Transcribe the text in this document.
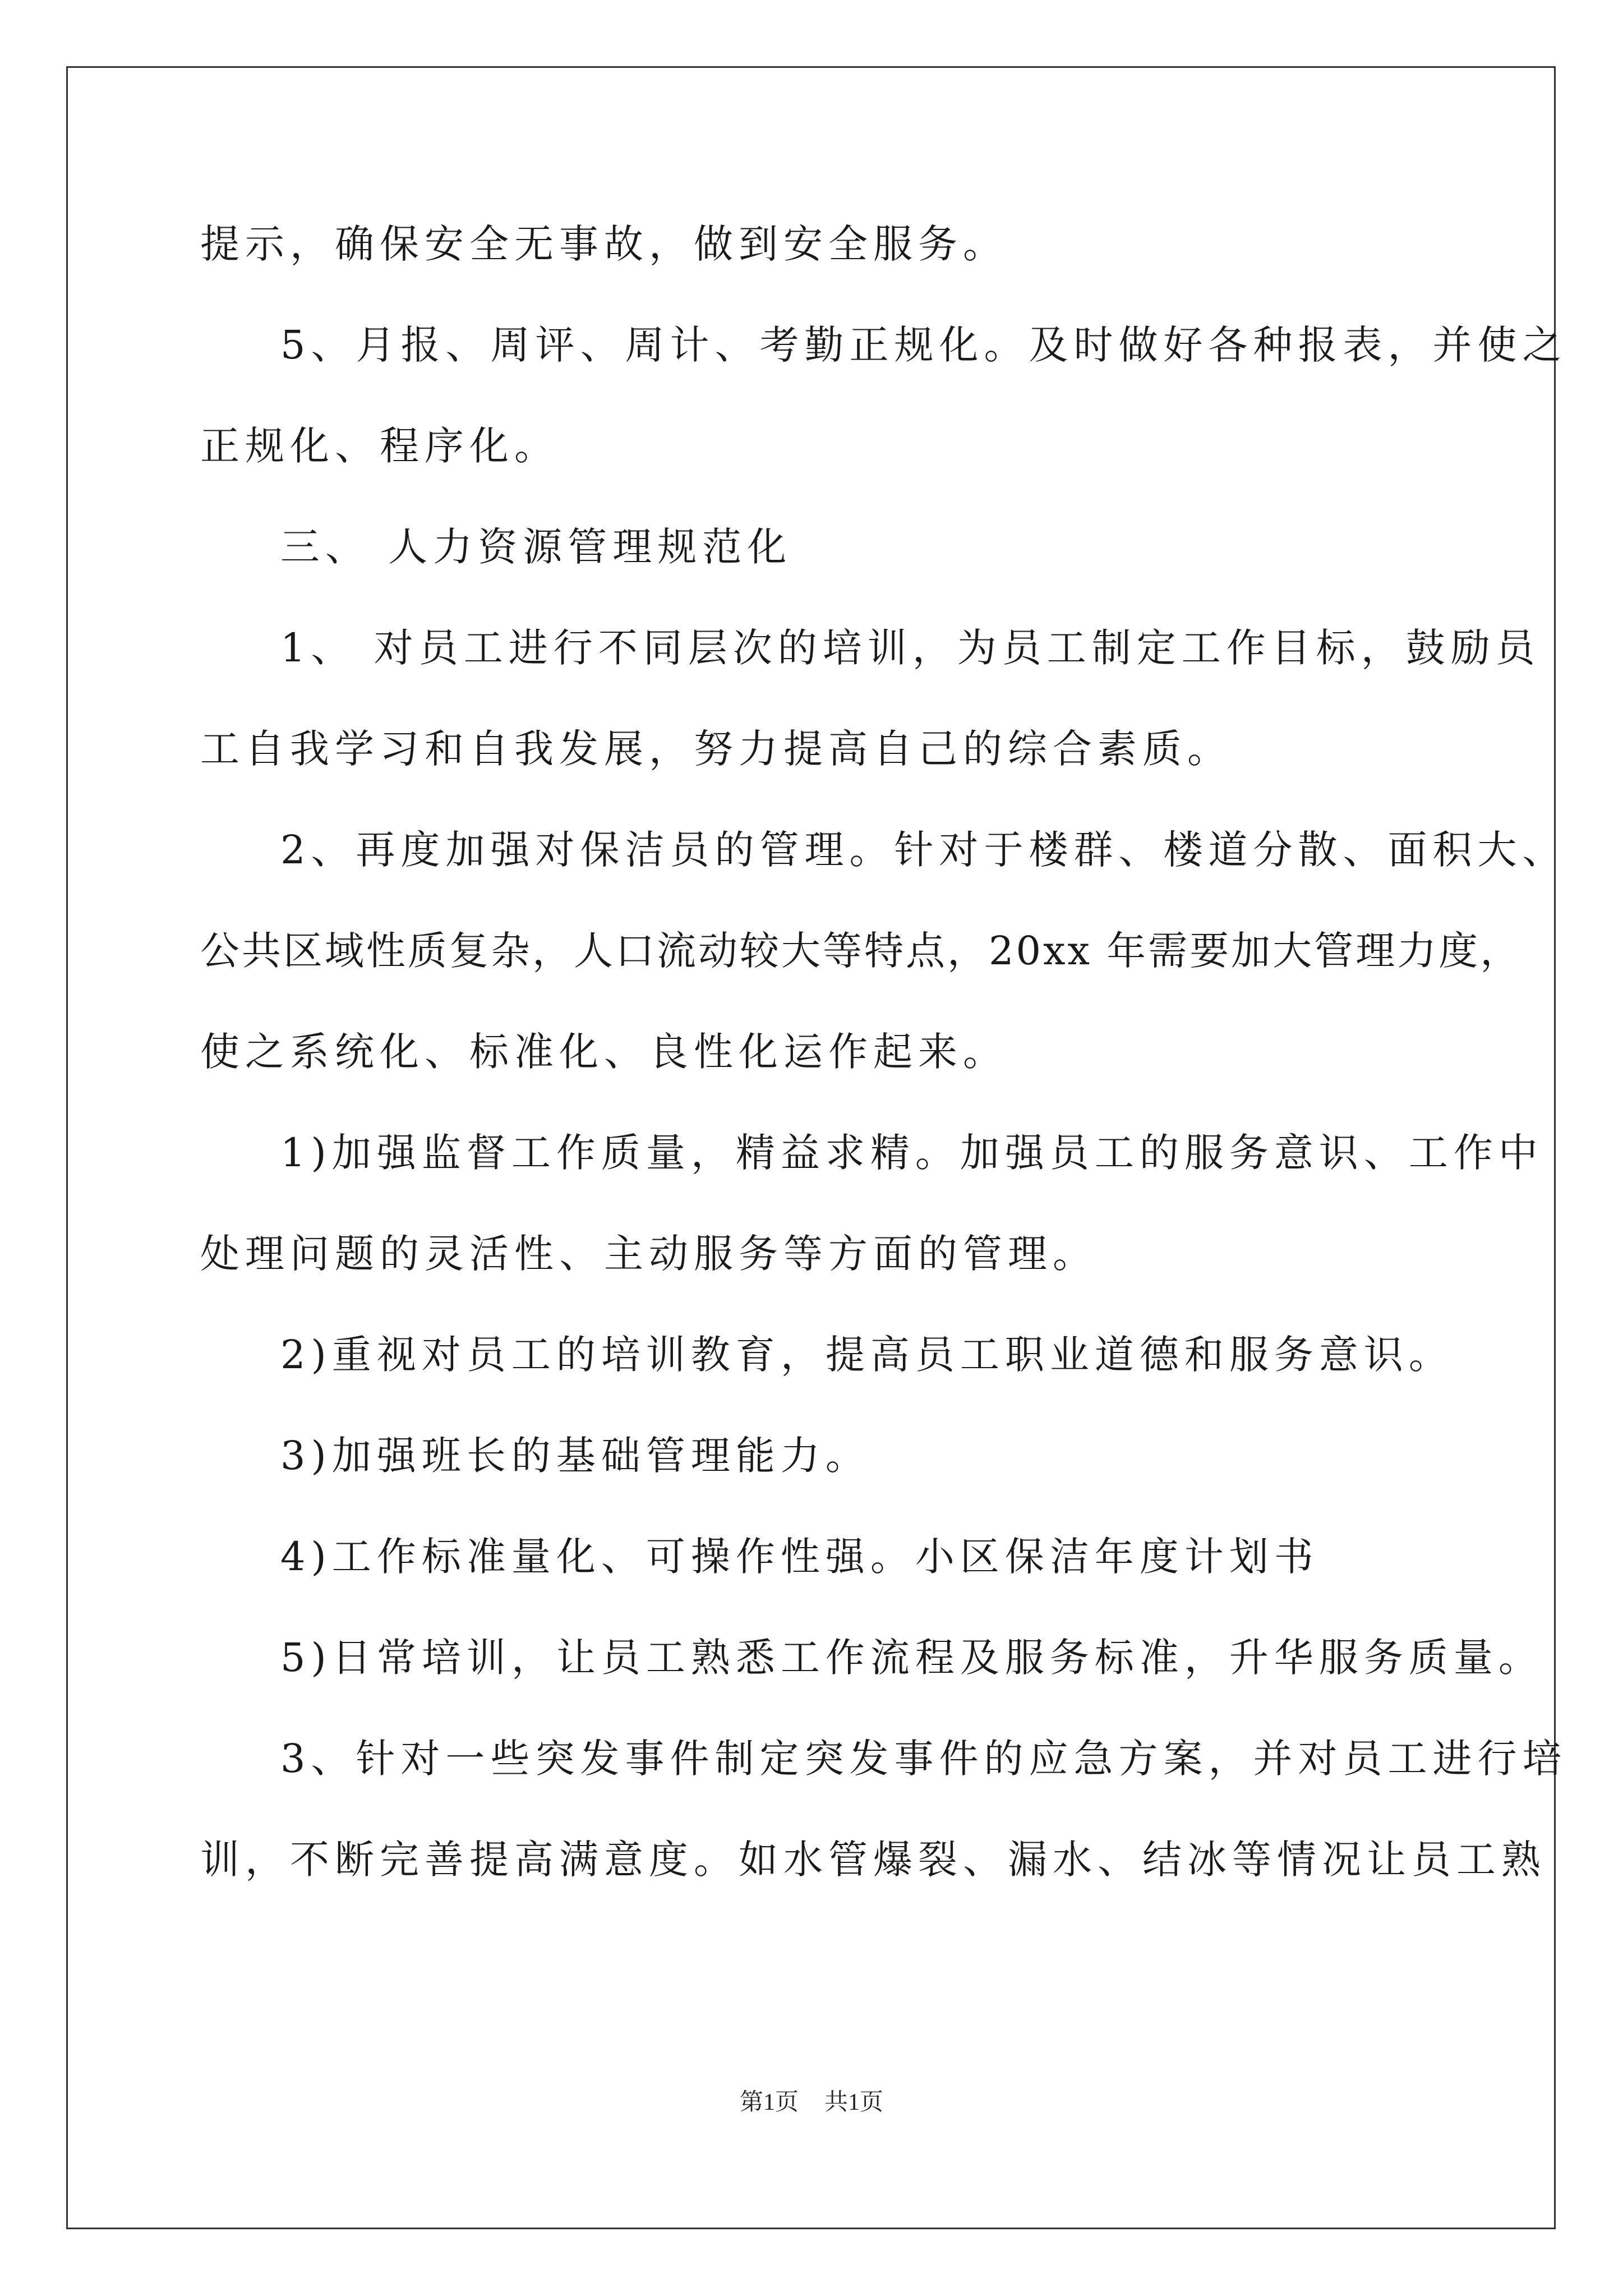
提示，确保安全无事故，做到安全服务。
5、月报、周评、周计、考勤正规化。及时做好各种报表，并使之
正规化、程序化。
三、 人力资源管理规范化
1、 对员工进行不同层次的培训，为员工制定工作目标，鼓励员
工自我学习和自我发展，努力提高自己的综合素质。
2、再度加强对保洁员的管理。针对于楼群、楼道分散、面积大、
公共区域性质复杂，人口流动较大等特点，20xx 年需要加大管理力度，
使之系统化、标准化、良性化运作起来。
1)加强监督工作质量，精益求精。加强员工的服务意识、工作中
处理问题的灵活性、主动服务等方面的管理。
2)重视对员工的培训教育，提高员工职业道德和服务意识。
3)加强班长的基础管理能力。
4)工作标准量化、可操作性强。小区保洁年度计划书
5)日常培训，让员工熟悉工作流程及服务标准，升华服务质量。
3、针对一些突发事件制定突发事件的应急方案，并对员工进行培
训，不断完善提高满意度。如水管爆裂、漏水、结冰等情况让员工熟
第1页 共1页
